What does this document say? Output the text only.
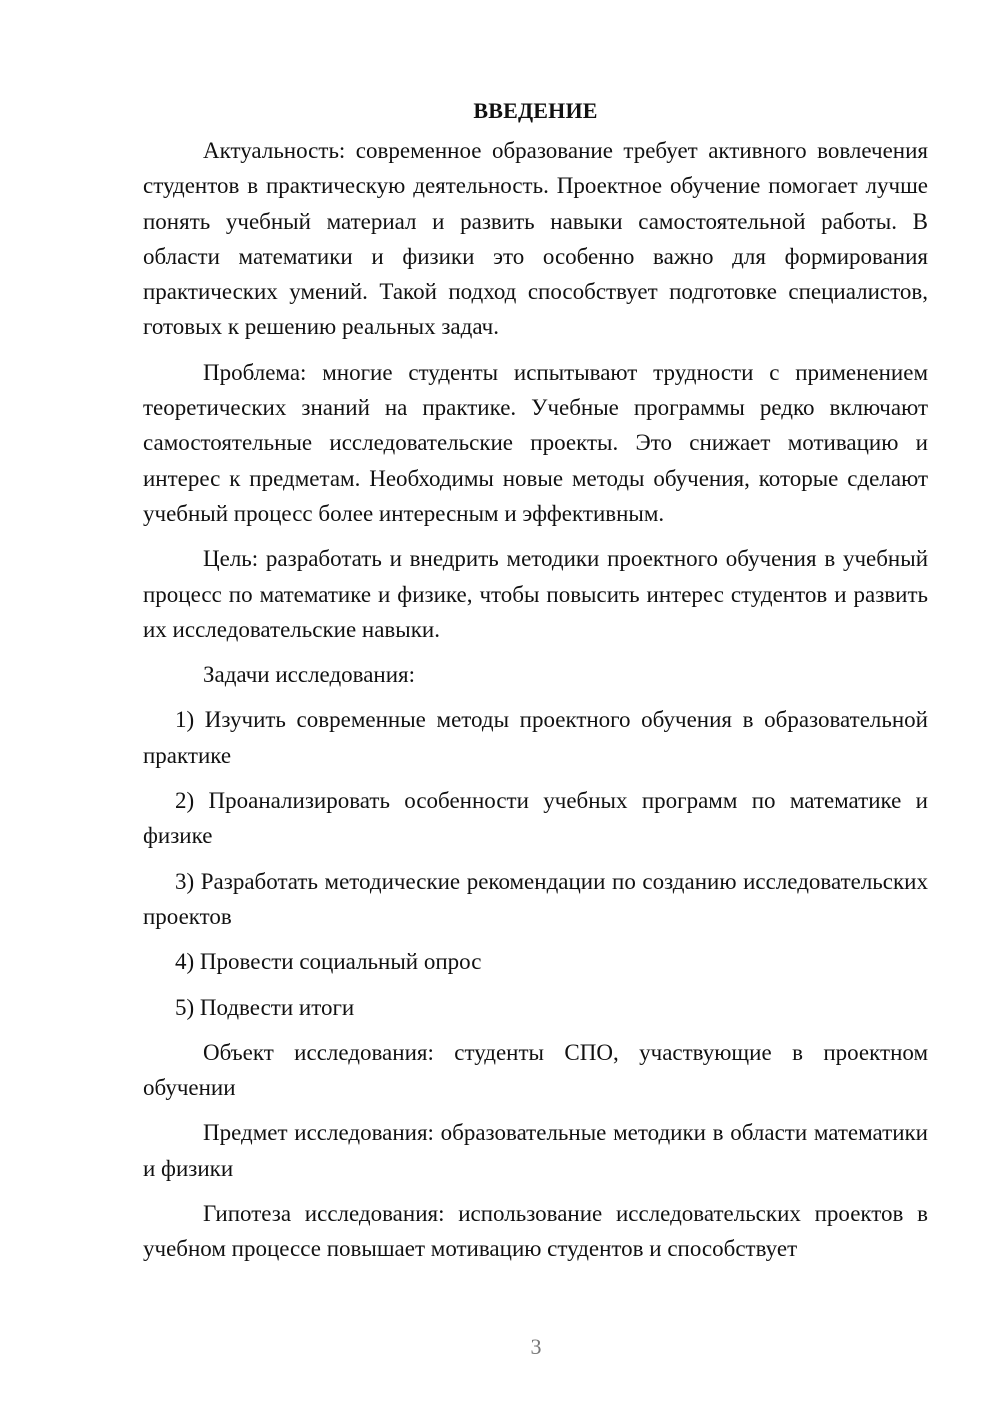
ВВЕДЕНИЕ

Актуальность: современное образование требует активного вовлечения студентов в практическую деятельность. Проектное обучение помогает лучше понять учебный материал и развить навыки самостоятельной работы. В области математики и физики это особенно важно для формирования практических умений. Такой подход способствует подготовке специалистов, готовых к решению реальных задач.

Проблема: многие студенты испытывают трудности с применением теоретических знаний на практике. Учебные программы редко включают самостоятельные исследовательские проекты. Это снижает мотивацию и интерес к предметам. Необходимы новые методы обучения, которые сделают учебный процесс более интересным и эффективным.

Цель: разработать и внедрить методики проектного обучения в учебный процесс по математике и физике, чтобы повысить интерес студентов и развить их исследовательские навыки.

Задачи исследования:

1) Изучить современные методы проектного обучения в образовательной практике

2) Проанализировать особенности учебных программ по математике и физике

3) Разработать методические рекомендации по созданию исследовательских проектов

4) Провести социальный опрос

5) Подвести итоги

Объект исследования: студенты СПО, участвующие в проектном обучении

Предмет исследования: образовательные методики в области математики и физики

Гипотеза исследования: использование исследовательских проектов в учебном процессе повышает мотивацию студентов и способствует

3
